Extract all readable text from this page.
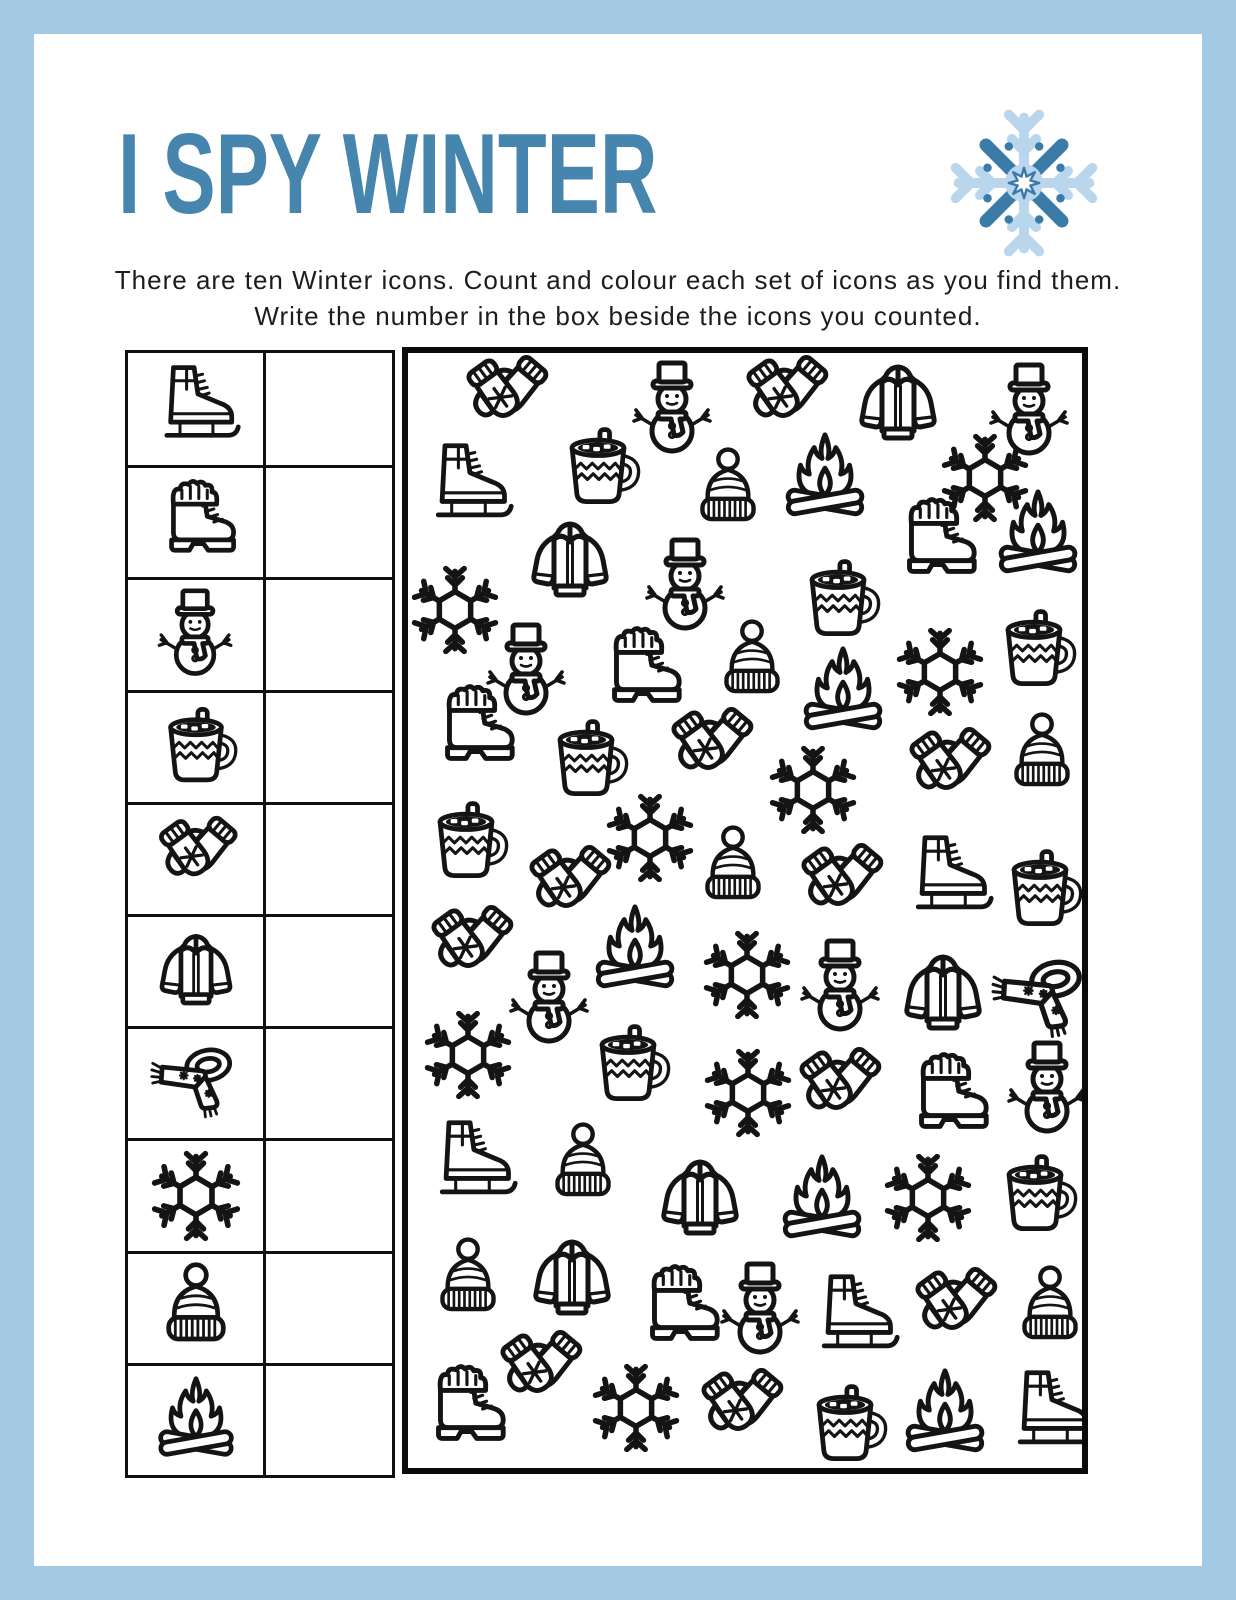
I SPY WINTER
There are ten Winter icons. Count and colour each set of icons as you find them.
Write the number in the box beside the icons you counted.
